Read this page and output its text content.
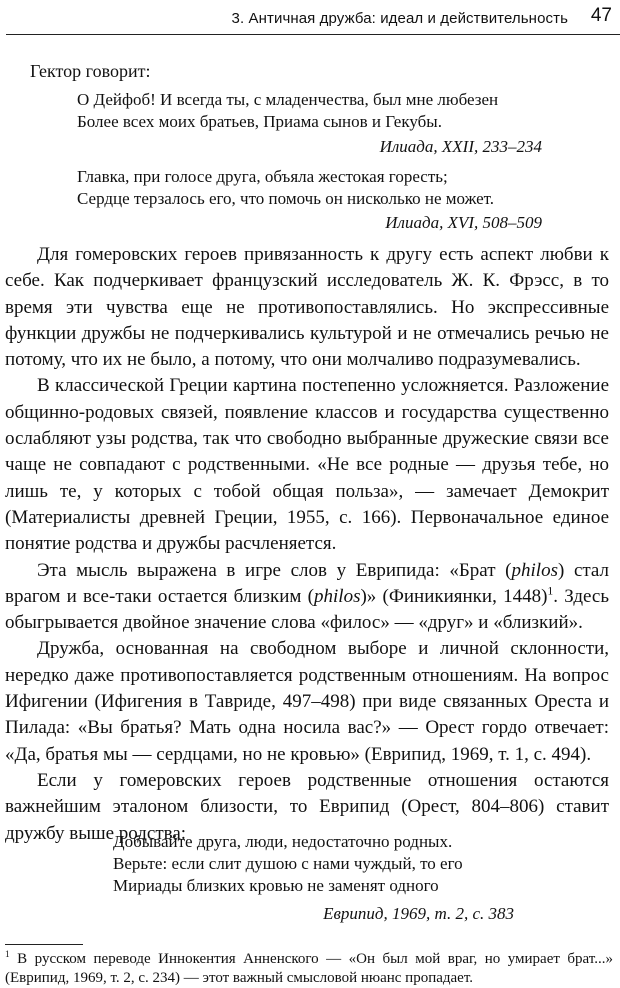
3. Античная дружба: идеал и действительность 47
Гектор говорит:
О Дейфоб! И всегда ты, с младенчества, был мне любезен
Более всех моих братьев, Приама сынов и Гекубы.
Илиада, XXII, 233–234
Главка, при голосе друга, объяла жестокая горесть;
Сердце терзалось его, что помочь он нисколько не может.
Илиада, XVI, 508–509

Для гомеровских героев привязанность к другу есть аспект любви к себе. Как подчеркивает французский исследователь Ж. К. Фрэсс, в то время эти чувства еще не противопоставлялись. Но экспрессивные функции дружбы не подчеркивались культурой и не отмечались речью не потому, что их не было, а потому, что они молчаливо подразумевались.

В классической Греции картина постепенно усложняется. Разложение общинно-родовых связей, появление классов и государства существенно ослабляют узы родства, так что свободно выбранные дружеские связи все чаще не совпадают с родственными. «Не все родные — друзья тебе, но лишь те, у которых с тобой общая польза», — замечает Демокрит (Материалисты древней Греции, 1955, с. 166). Первоначальное единое понятие родства и дружбы расчленяется.

Эта мысль выражена в игре слов у Еврипида: «Брат (philos) стал врагом и все-таки остается близким (philos)» (Финикиянки, 1448)$^1$. Здесь обыгрывается двойное значение слова «филос» — «друг» и «близкий».

Дружба, основанная на свободном выборе и личной склонности, нередко даже противопоставляется родственным отношениям. На вопрос Ифигении (Ифигения в Тавриде, 497–498) при виде связанных Ореста и Пилада: «Вы братья? Мать одна носила вас?» — Орест гордо отвечает: «Да, братья мы — сердцами, но не кровью» (Еврипид, 1969, т. 1, с. 494).

Если у гомеровских героев родственные отношения остаются важнейшим эталоном близости, то Еврипид (Орест, 804–806) ставит дружбу выше родства:

Добывайте друга, люди, недостаточно родных.
Верьте: если слит душою с нами чуждый, то его
Мириады близких кровью не заменят одного
Еврипид, 1969, т. 2, с. 383
$^1$ В русском переводе Иннокентия Анненского — «Он был мой враг, но умирает брат...» (Еврипид, 1969, т. 2, с. 234) — этот важный смысловой нюанс пропадает.
